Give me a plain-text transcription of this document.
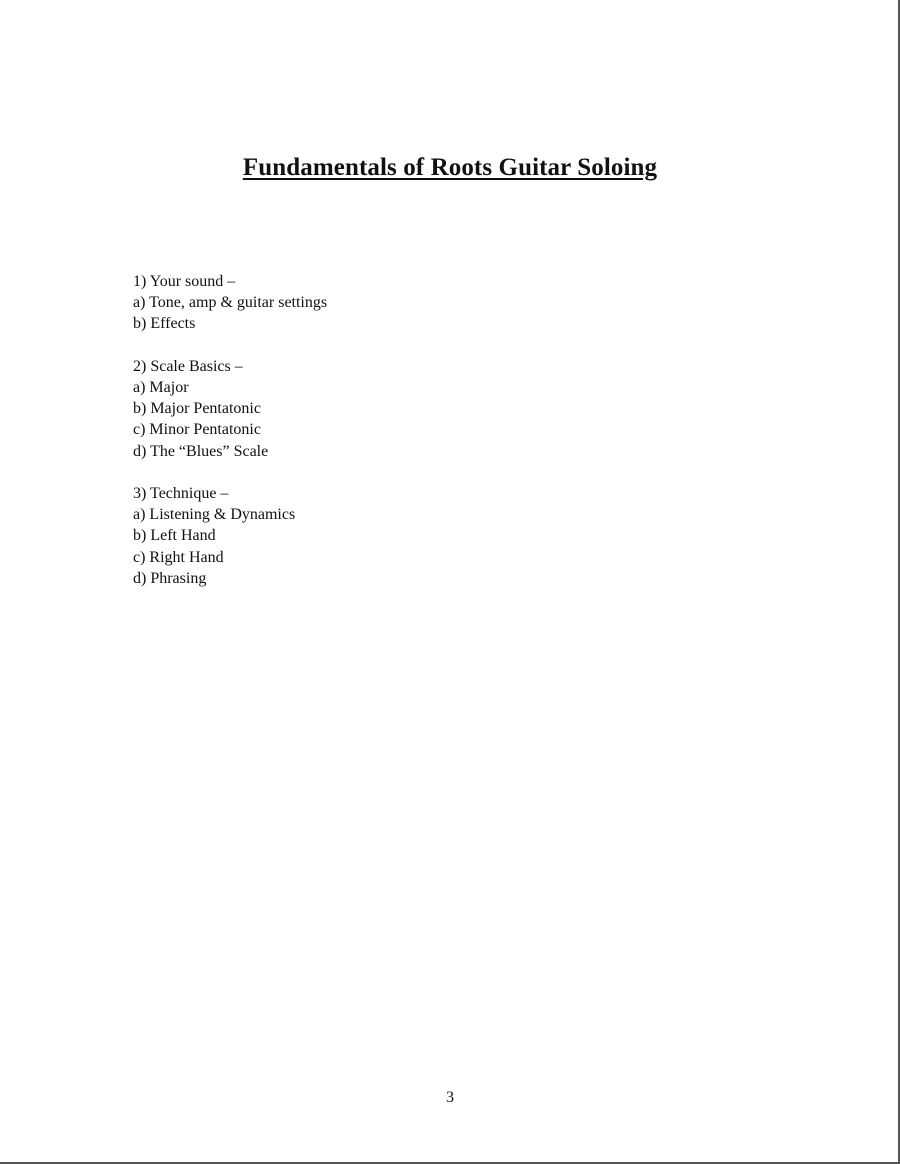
Fundamentals of Roots Guitar Soloing
1) Your sound –
a) Tone, amp & guitar settings
b) Effects
2) Scale Basics –
a) Major
b) Major Pentatonic
c) Minor Pentatonic
d) The “Blues” Scale
3) Technique –
a) Listening & Dynamics
b) Left Hand
c) Right Hand
d) Phrasing
3
